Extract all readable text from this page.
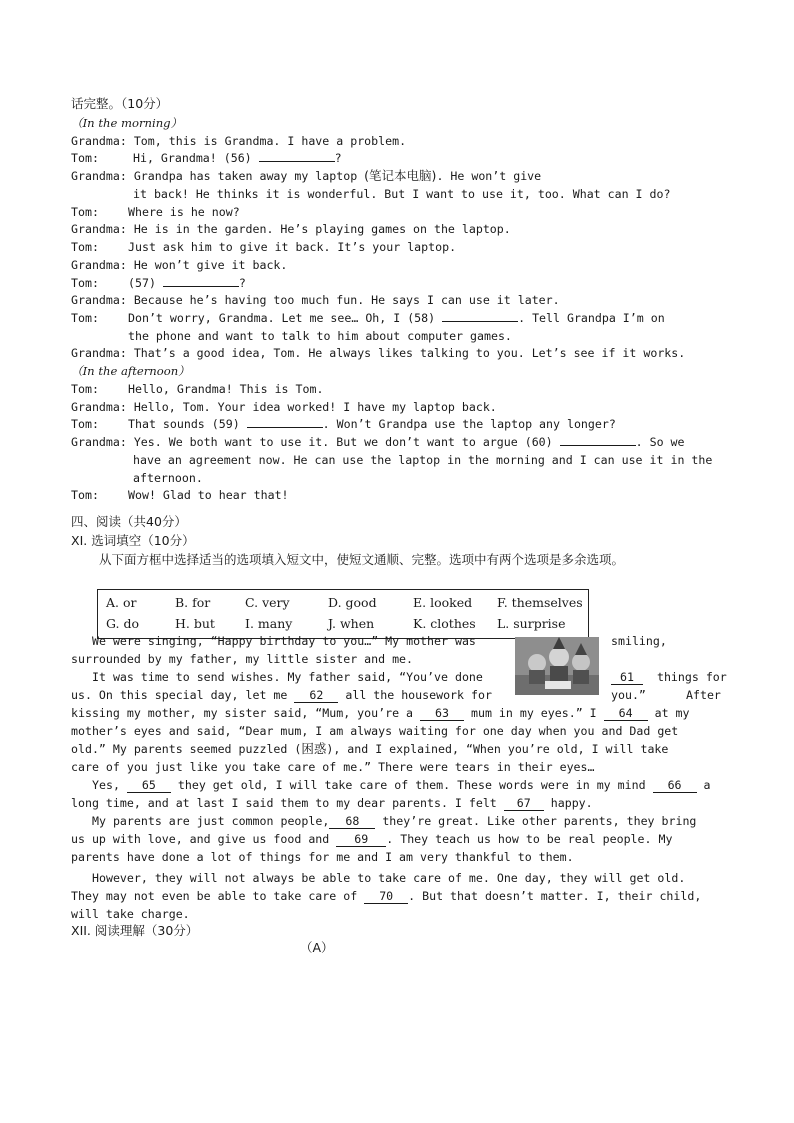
话完整。（10分）
（In the morning）
Grandma: Tom, this is Grandma. I have a problem.
Tom:	Hi, Grandma! (56)	?
Grandma: Grandpa has taken away my laptop (笔记本电脑). He won’t give
it back! He thinks it is wonderful. But I want to use it, too. What can I do?
Tom:	Where is he now?
Grandma: He is in the garden. He’s playing games on the laptop.
Tom:	Just ask him to give it back. It’s your laptop.
Grandma: He won’t give it back.
Tom:	(57)	?
Grandma: Because he’s having too much fun. He says I can use it later.
Tom:	Don’t worry, Grandma. Let me see… Oh, I (58)	. Tell Grandpa I’m on
the phone and want to talk to him about computer games.
Grandma: That’s a good idea, Tom. He always likes talking to you. Let’s see if it works.
（In the afternoon）
Tom:	Hello, Grandma! This is Tom.
Grandma: Hello, Tom. Your idea worked! I have my laptop back.
Tom:	That sounds (59)	. Won’t Grandpa use the laptop any longer?
Grandma: Yes. We both want to use it. But we don’t want to argue (60)	. So we
have an agreement now. He can use the laptop in the morning and I can use it in the
afternoon.
Tom:	Wow! Glad to hear that!
四、阅读（共40分）
XI. 选词填空（10分）
从下面方框中选择适当的选项填入短文中，使短文通顺、完整。选项中有两个选项是多余选项。
A. or	B. for	C. very	D. good	E. looked F. themselves
G. do	H. but I. many	J. when	K. clothes L. surprise
We were singing, “Happy birthday to you…” My mother was	smiling,
surrounded by my father, my little sister and me.
It was time to send wishes. My father said, “You’ve done	61 things for
us. On this special day, let me 62 all the housework for	you.”	After
kissing my mother, my sister said, “Mum, you’re a 63 mum in my eyes.” I 64 at my
mother’s eyes and said, “Dear mum, I am always waiting for one day when you and Dad get
old.” My parents seemed puzzled (困惑), and I explained, “When you’re old, I will take
care of you just like you take care of me.” There were tears in their eyes…
Yes, 65 they get old, I will take care of them. These words were in my mind 66 a
long time, and at last I said them to my dear parents. I felt 67 happy.
My parents are just common people, 68 they’re great. Like other parents, they bring
us up with love, and give us food and 69 . They teach us how to be real people. My
parents have done a lot of things for me and I am very thankful to them.
However, they will not always be able to take care of me. One day, they will get old.
They may not even be able to take care of 70 . But that doesn’t matter. I, their child,
will take charge.
XII. 阅读理解（30分）
（A）
